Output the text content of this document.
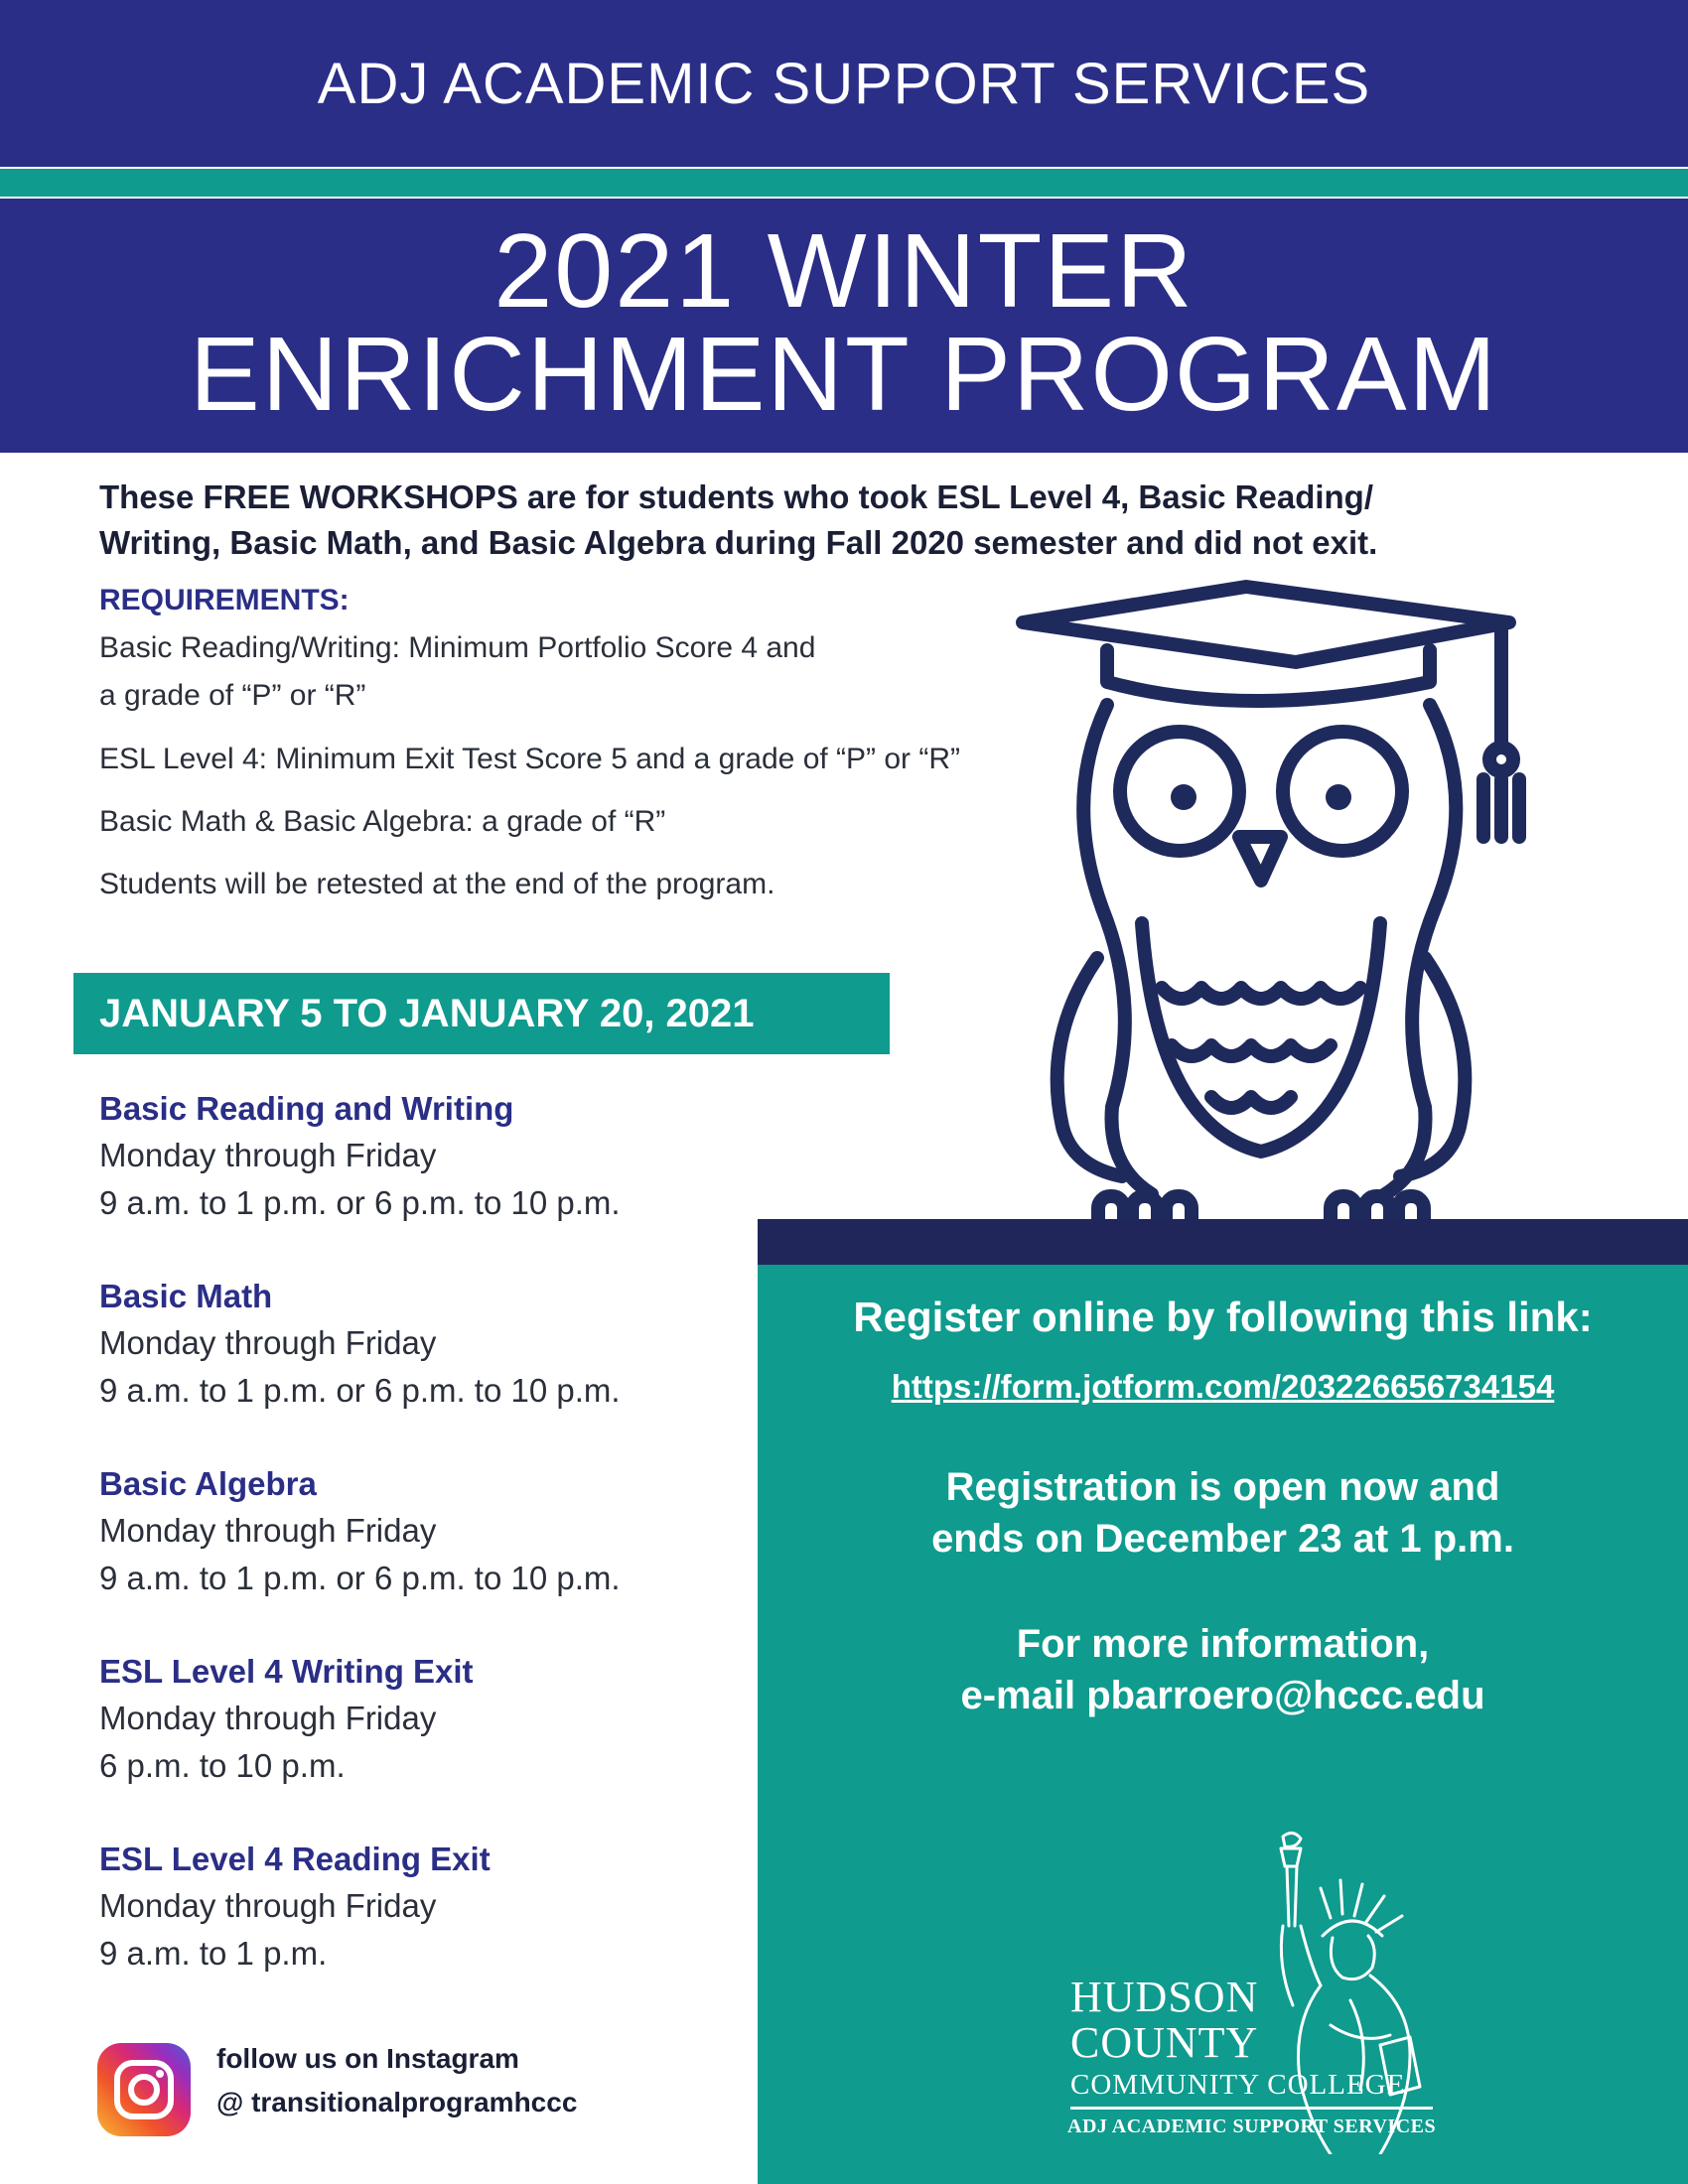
ADJ ACADEMIC SUPPORT SERVICES
2021 WINTER
ENRICHMENT PROGRAM
These FREE WORKSHOPS are for students who took ESL Level 4, Basic Reading/
Writing, Basic Math, and Basic Algebra during Fall 2020 semester and did not exit.
REQUIREMENTS:
Basic Reading/Writing: Minimum Portfolio Score 4 and
a grade of “P” or “R”
ESL Level 4: Minimum Exit Test Score 5 and a grade of “P” or “R”
Basic Math & Basic Algebra: a grade of “R”
Students will be retested at the end of the program.
JANUARY 5 TO JANUARY 20, 2021
Basic Reading and Writing
Monday through Friday
9 a.m. to 1 p.m. or 6 p.m. to 10 p.m.
Basic Math
Monday through Friday
9 a.m. to 1 p.m. or 6 p.m. to 10 p.m.
Basic Algebra
Monday through Friday
9 a.m. to 1 p.m. or 6 p.m. to 10 p.m.
ESL Level 4 Writing Exit
Monday through Friday
6 p.m. to 10 p.m.
ESL Level 4 Reading Exit
Monday through Friday
9 a.m. to 1 p.m.
Register online by following this link:
https://form.jotform.com/203226656734154
Registration is open now and
ends on December 23 at 1 p.m.
For more information,
e-mail pbarroero@hccc.edu
HUDSON
COUNTY
COMMUNITY COLLEGE
ADJ ACADEMIC SUPPORT SERVICES
follow us on Instagram
@ transitionalprogramhccc
